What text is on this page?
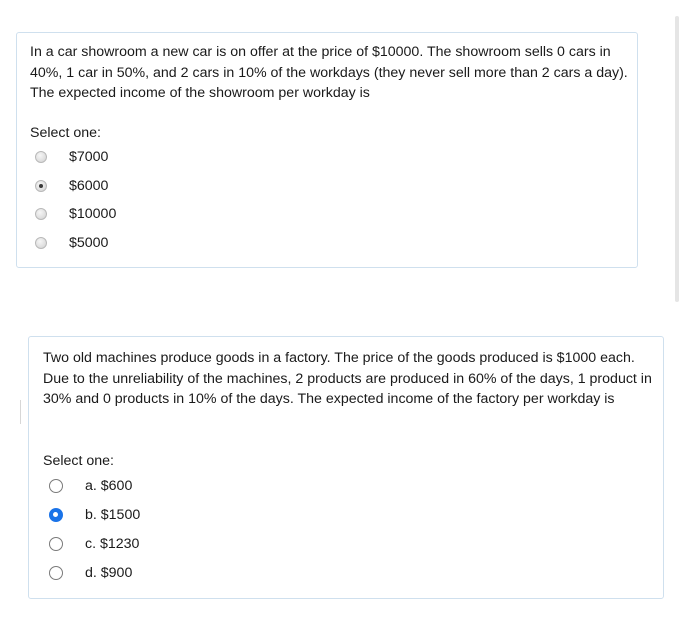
In a car showroom a new car is on offer at the price of $10000. The showroom sells 0 cars in 40%, 1 car in 50%, and 2 cars in 10% of the workdays (they never sell more than 2 cars a day). The expected income of the showroom per workday is
Select one:
$7000
$6000
$10000
$5000
Two old machines produce goods in a factory. The price of the goods produced is $1000 each. Due to the unreliability of the machines, 2 products are produced in 60% of the days, 1 product in 30% and 0 products in 10% of the days. The expected income of the factory per workday is
Select one:
a. $600
b. $1500
c. $1230
d. $900
